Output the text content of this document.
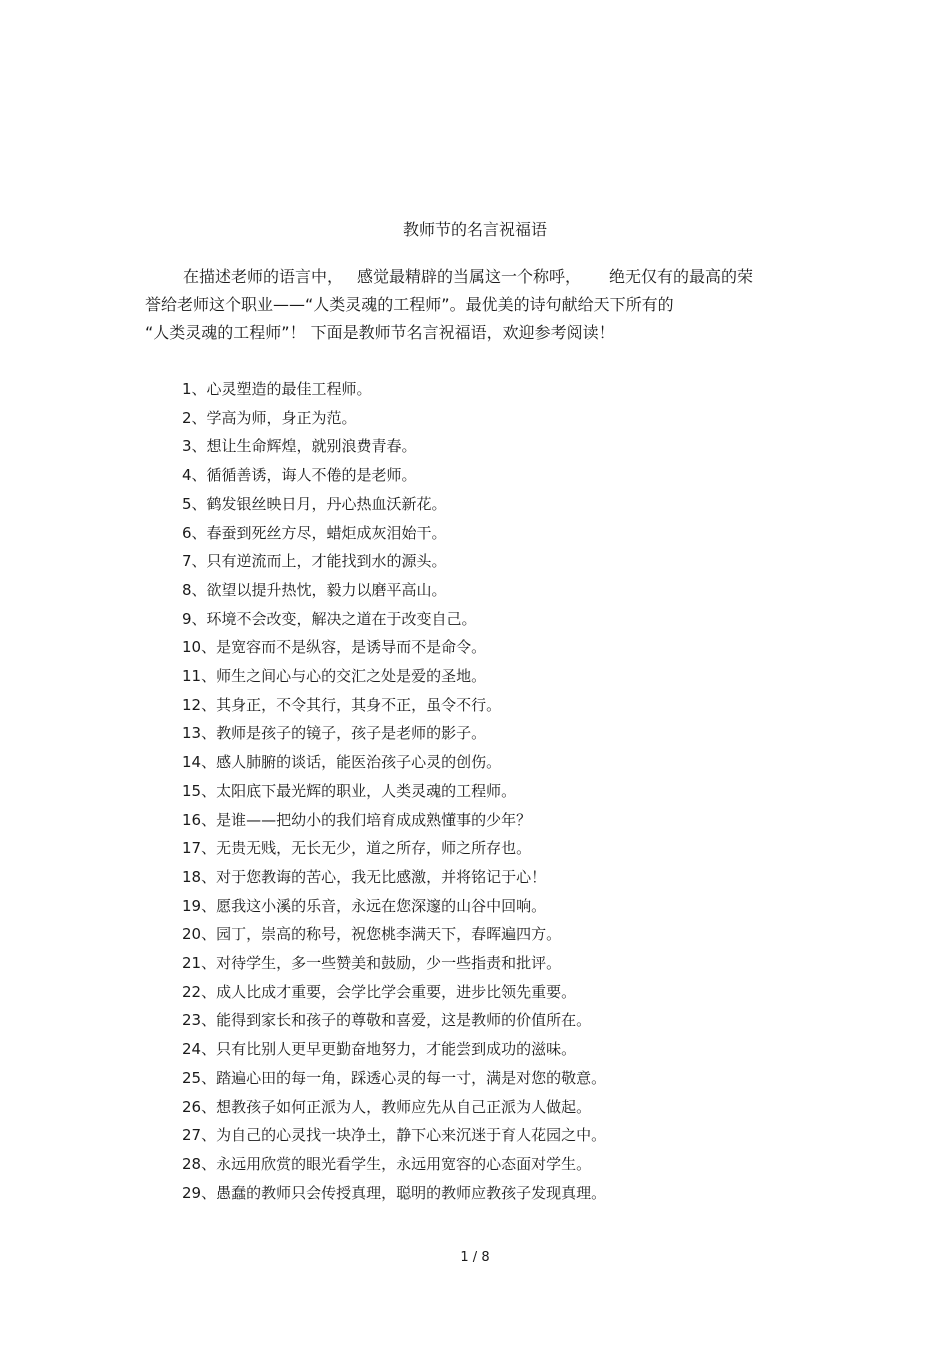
教师节的名言祝福语
在描述老师的语言中， 感觉最精辟的当属这一个称呼， 绝无仅有的最高的荣
誉给老师这个职业——“人类灵魂的工程师”。最优美的诗句献给天下所有的
“人类灵魂的工程师”！ 下面是教师节名言祝福语，欢迎参考阅读！
1、心灵塑造的最佳工程师。
2、学高为师，身正为范。
3、想让生命辉煌，就别浪费青春。
4、循循善诱，诲人不倦的是老师。
5、鹤发银丝映日月，丹心热血沃新花。
6、春蚕到死丝方尽，蜡炬成灰泪始干。
7、只有逆流而上，才能找到水的源头。
8、欲望以提升热忱，毅力以磨平高山。
9、环境不会改变，解决之道在于改变自己。
10、是宽容而不是纵容，是诱导而不是命令。
11、师生之间心与心的交汇之处是爱的圣地。
12、其身正，不令其行，其身不正，虽令不行。
13、教师是孩子的镜子，孩子是老师的影子。
14、感人肺腑的谈话，能医治孩子心灵的创伤。
15、太阳底下最光辉的职业，人类灵魂的工程师。
16、是谁——把幼小的我们培育成成熟懂事的少年？
17、无贵无贱，无长无少，道之所存，师之所存也。
18、对于您教诲的苦心，我无比感激，并将铭记于心！
19、愿我这小溪的乐音，永远在您深邃的山谷中回响。
20、园丁，崇高的称号，祝您桃李满天下，春晖遍四方。
21、对待学生，多一些赞美和鼓励，少一些指责和批评。
22、成人比成才重要，会学比学会重要，进步比领先重要。
23、能得到家长和孩子的尊敬和喜爱，这是教师的价值所在。
24、只有比别人更早更勤奋地努力，才能尝到成功的滋味。
25、踏遍心田的每一角，踩透心灵的每一寸，满是对您的敬意。
26、想教孩子如何正派为人，教师应先从自己正派为人做起。
27、为自己的心灵找一块净土，静下心来沉迷于育人花园之中。
28、永远用欣赏的眼光看学生，永远用宽容的心态面对学生。
29、愚蠢的教师只会传授真理，聪明的教师应教孩子发现真理。
1 / 8
